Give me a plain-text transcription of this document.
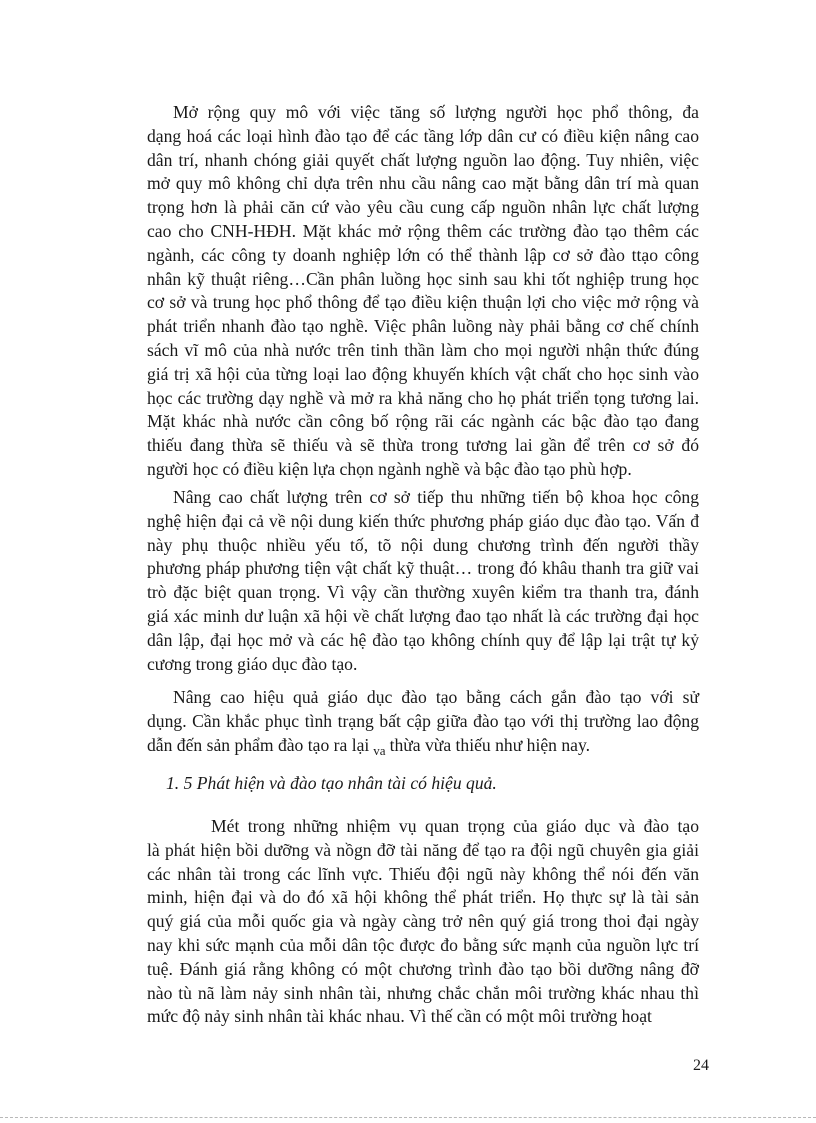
Mở rộng quy mô với việc tăng số lượng người học phổ thông, đa
dạng hoá các loại hình đào tạo để các tầng lớp dân cư có điều kiện nâng cao
dân trí, nhanh chóng giải quyết chất lượng nguồn lao động. Tuy nhiên, việc
mở quy mô không chỉ dựa trên nhu cầu nâng cao mặt bằng dân trí mà quan
trọng hơn là phải căn cứ vào yêu cầu cung cấp nguồn nhân lực chất lượng
cao cho CNH-HĐH. Mặt khác mở rộng thêm các trường đào tạo thêm các
ngành, các công ty doanh nghiệp lớn có thể thành lập cơ sở đào ttạo công
nhân kỹ thuật riêng…Cần phân luồng học sinh sau khi tốt nghiệp trung học
cơ sở và trung học phổ thông để tạo điều kiện thuận lợi cho việc mở rộng và
phát triển nhanh đào tạo nghề. Việc phân luồng này phải bằng cơ chế chính
sách vĩ mô của nhà nước trên tinh thần làm cho mọi người nhận thức đúng
giá trị xã hội của từng loại lao động khuyến khích vật chất cho học sinh vào
học các trường dạy nghề và mở ra khả năng cho họ phát triển tọng tương lai.
Mặt khác nhà nước cần công bố rộng rãi các ngành các bậc đào tạo đang
thiếu đang thừa sẽ thiếu và sẽ thừa trong tương lai gần để trên cơ sở đó
người học có điều kiện lựa chọn ngành nghề và bậc đào tạo phù hợp.
Nâng cao chất lượng trên cơ sở tiếp thu những tiến bộ khoa học công
nghệ hiện đại cả về nội dung kiến thức phương pháp giáo dục đào tạo. Vấn đ
này phụ thuộc nhiều yếu tố, tõ nội dung chương trình đến người thầy
phương pháp phương tiện vật chất kỹ thuật… trong đó khâu thanh tra giữ vai
trò đặc biệt quan trọng. Vì vậy cần thường xuyên kiểm tra thanh tra, đánh
giá xác minh dư luận xã hội về chất lượng đao tạo nhất là các trường đại học
dân lập, đại học mở và các hệ đào tạo không chính quy để lập lại trật tự kỷ
cương trong giáo dục đào tạo.
Nâng cao hiệu quả giáo dục đào tạo bằng cách gắn đào tạo với sử
dụng. Cần khắc phục tình trạng bất cập giữa đào tạo với thị trường lao động
dẫn đến sản phẩm đào tạo ra lại $_{va}$ thừa vừa thiếu như hiện nay.

1. 5 Phát hiện và đào tạo nhân tài có hiệu quả.

Mét trong những nhiệm vụ quan trọng của giáo dục và đào tạo
là phát hiện bồi dưỡng và nồgn đỡ tài năng để tạo ra đội ngũ chuyên gia giải
các nhân tài trong các lĩnh vực. Thiếu đội ngũ này không thể nói đến văn
minh, hiện đại và do đó xã hội không thể phát triển. Họ thực sự là tài sản
quý giá của mỗi quốc gia và ngày càng trở nên quý giá trong thoi đại ngày
nay khi sức mạnh của mỗi dân tộc được đo bằng sức mạnh của nguồn lực trí
tuệ. Đánh giá rằng không có một chương trình đào tạo bồi dưỡng nâng đỡ
nào tù nã làm nảy sinh nhân tài, nhưng chắc chắn môi trường khác nhau thì
mức độ nảy sinh nhân tài khác nhau. Vì thế cần có một môi trường hoạt

24
